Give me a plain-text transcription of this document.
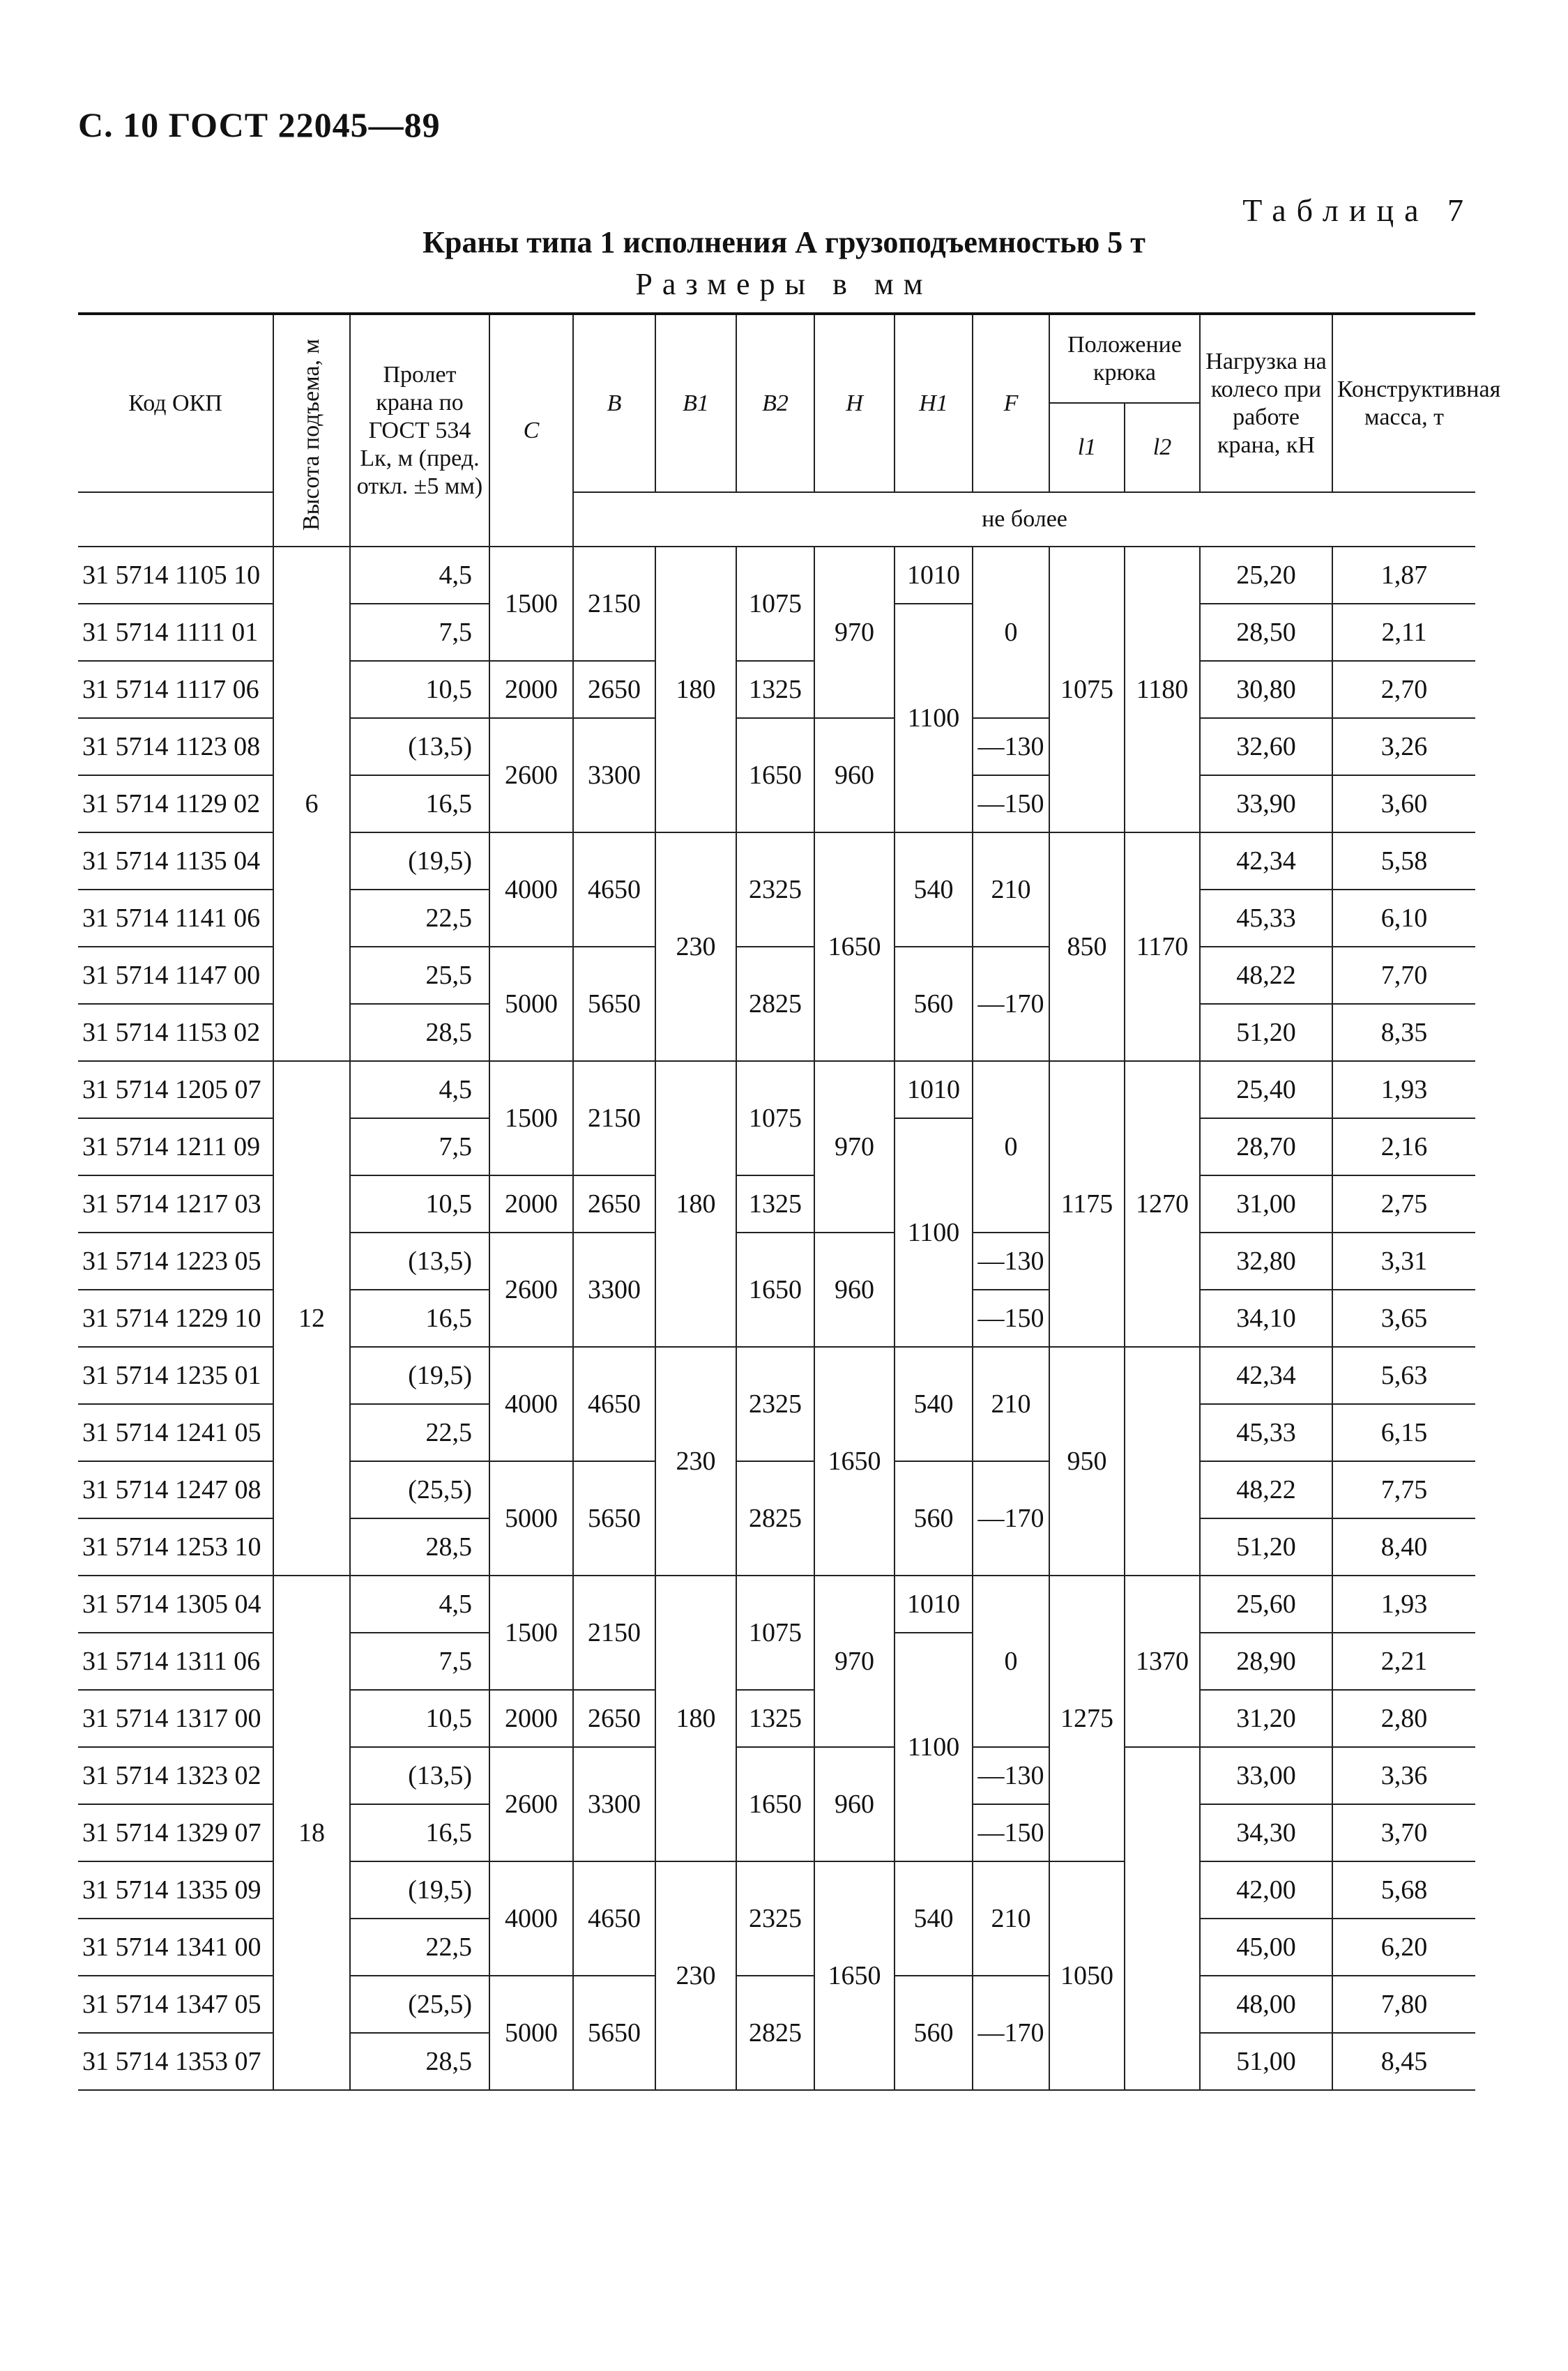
С. 10 ГОСТ 22045—89
Таблица 7
Краны типа 1 исполнения А грузоподъемностью 5 т
Размеры в мм
Код ОКП	Высота подъема, м	Пролет крана по ГОСТ 534 Lк, м (пред. откл. ±5 мм)	C	B	B1	B2	H	H1	F	Положение крюка		Нагрузка на колесо при работе крана, кН	Конструктивная масса, т
										l1	l2		
				не более									
31 5714 1105 10	6	4,5	1500	2150	180	1075	970	1010	0	1075	1180	25,20	1,87
31 5714 1111 01		7,5						1100				28,50	2,11
31 5714 1117 06		10,5	2000	2650		1325						30,80	2,70
31 5714 1123 08		(13,5)	2600	3300		1650	960		—130			32,60	3,26
31 5714 1129 02		16,5							—150			33,90	3,60
31 5714 1135 04		(19,5)	4000	4650	230	2325	1650	540	210	850	1170	42,34	5,58
31 5714 1141 06		22,5										45,33	6,10
31 5714 1147 00		25,5	5000	5650		2825		560	—170			48,22	7,70
31 5714 1153 02		28,5										51,20	8,35
31 5714 1205 07	12	4,5	1500	2150	180	1075	970	1010	0	1175	1270	25,40	1,93
31 5714 1211 09		7,5						1100				28,70	2,16
31 5714 1217 03		10,5	2000	2650		1325						31,00	2,75
31 5714 1223 05		(13,5)	2600	3300		1650	960		—130			32,80	3,31
31 5714 1229 10		16,5							—150			34,10	3,65
31 5714 1235 01		(19,5)	4000	4650	230	2325	1650	540	210	950		42,34	5,63
31 5714 1241 05		22,5										45,33	6,15
31 5714 1247 08		(25,5)	5000	5650		2825		560	—170			48,22	7,75
31 5714 1253 10		28,5										51,20	8,40
31 5714 1305 04	18	4,5	1500	2150	180	1075	970	1010	0	1275	1370	25,60	1,93
31 5714 1311 06		7,5						1100				28,90	2,21
31 5714 1317 00		10,5	2000	2650		1325						31,20	2,80
31 5714 1323 02		(13,5)	2600	3300		1650	960		—130			33,00	3,36
31 5714 1329 07		16,5							—150			34,30	3,70
31 5714 1335 09		(19,5)	4000	4650	230	2325	1650	540	210	1050		42,00	5,68
31 5714 1341 00		22,5										45,00	6,20
31 5714 1347 05		(25,5)	5000	5650		2825		560	—170			48,00	7,80
31 5714 1353 07		28,5										51,00	8,45
